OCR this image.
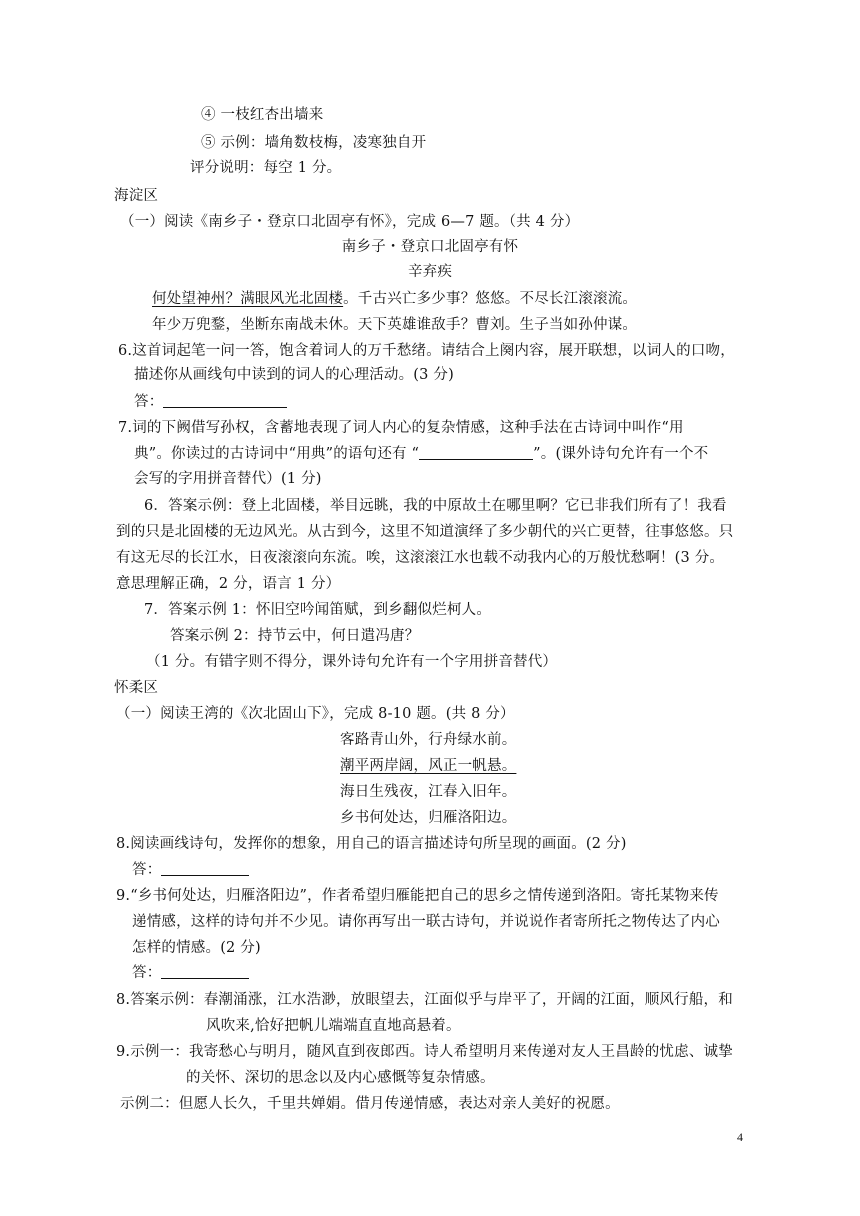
④ 一枝红杏出墙来
⑤ 示例：墙角数枝梅，凌寒独自开
评分说明：每空 1 分。
海淀区
（一）阅读《南乡子・登京口北固亭有怀》，完成 6—7 题。（共 4 分）
南乡子・登京口北固亭有怀
辛弃疾
何处望神州？满眼风光北固楼。千古兴亡多少事？悠悠。不尽长江滚滚流。
年少万兜鍪，坐断东南战未休。天下英雄谁敌手？曹刘。生子当如孙仲谋。
6.这首词起笔一问一答，饱含着词人的万千愁绪。请结合上阕内容，展开联想，以词人的口吻，
描述你从画线句中读到的词人的心理活动。(3 分)
答：
7.词的下阙借写孙权，含蓄地表现了词人内心的复杂情感，这种手法在古诗词中叫作“用
典”。你读过的古诗词中“用典”的语句还有 “	”。(课外诗句允许有一个不
会写的字用拼音替代）(1 分)
6．答案示例：登上北固楼，举目远眺，我的中原故土在哪里啊？它已非我们所有了！我看
到的只是北固楼的无边风光。从古到今，这里不知道演绎了多少朝代的兴亡更替，往事悠悠。只
有这无尽的长江水，日夜滚滚向东流。唉，这滚滚江水也载不动我内心的万般忧愁啊！(3 分。
意思理解正确，2 分，语言 1 分）
7．答案示例 1：怀旧空吟闻笛赋，到乡翻似烂柯人。
答案示例 2：持节云中，何日遣冯唐？
（1 分。有错字则不得分，课外诗句允许有一个字用拼音替代）
怀柔区
（一）阅读王湾的《次北固山下》，完成 8-10 题。(共 8 分）
客路青山外，行舟绿水前。
潮平两岸阔，风正一帆悬。
海日生残夜，江春入旧年。
乡书何处达，归雁洛阳边。
8.阅读画线诗句，发挥你的想象，用自己的语言描述诗句所呈现的画面。(2 分)
答：
9.“乡书何处达，归雁洛阳边”，作者希望归雁能把自己的思乡之情传递到洛阳。寄托某物来传
递情感，这样的诗句并不少见。请你再写出一联古诗句，并说说作者寄所托之物传达了内心
怎样的情感。(2 分)
答：
8.答案示例：春潮涌涨，江水浩渺，放眼望去，江面似乎与岸平了，开阔的江面，顺风行船，和
风吹来,恰好把帆儿端端直直地高悬着。
9.示例一：我寄愁心与明月，随风直到夜郎西。诗人希望明月来传递对友人王昌龄的忧虑、诚挚
的关怀、深切的思念以及内心感慨等复杂情感。
示例二：但愿人长久，千里共婵娟。借月传递情感，表达对亲人美好的祝愿。
4
